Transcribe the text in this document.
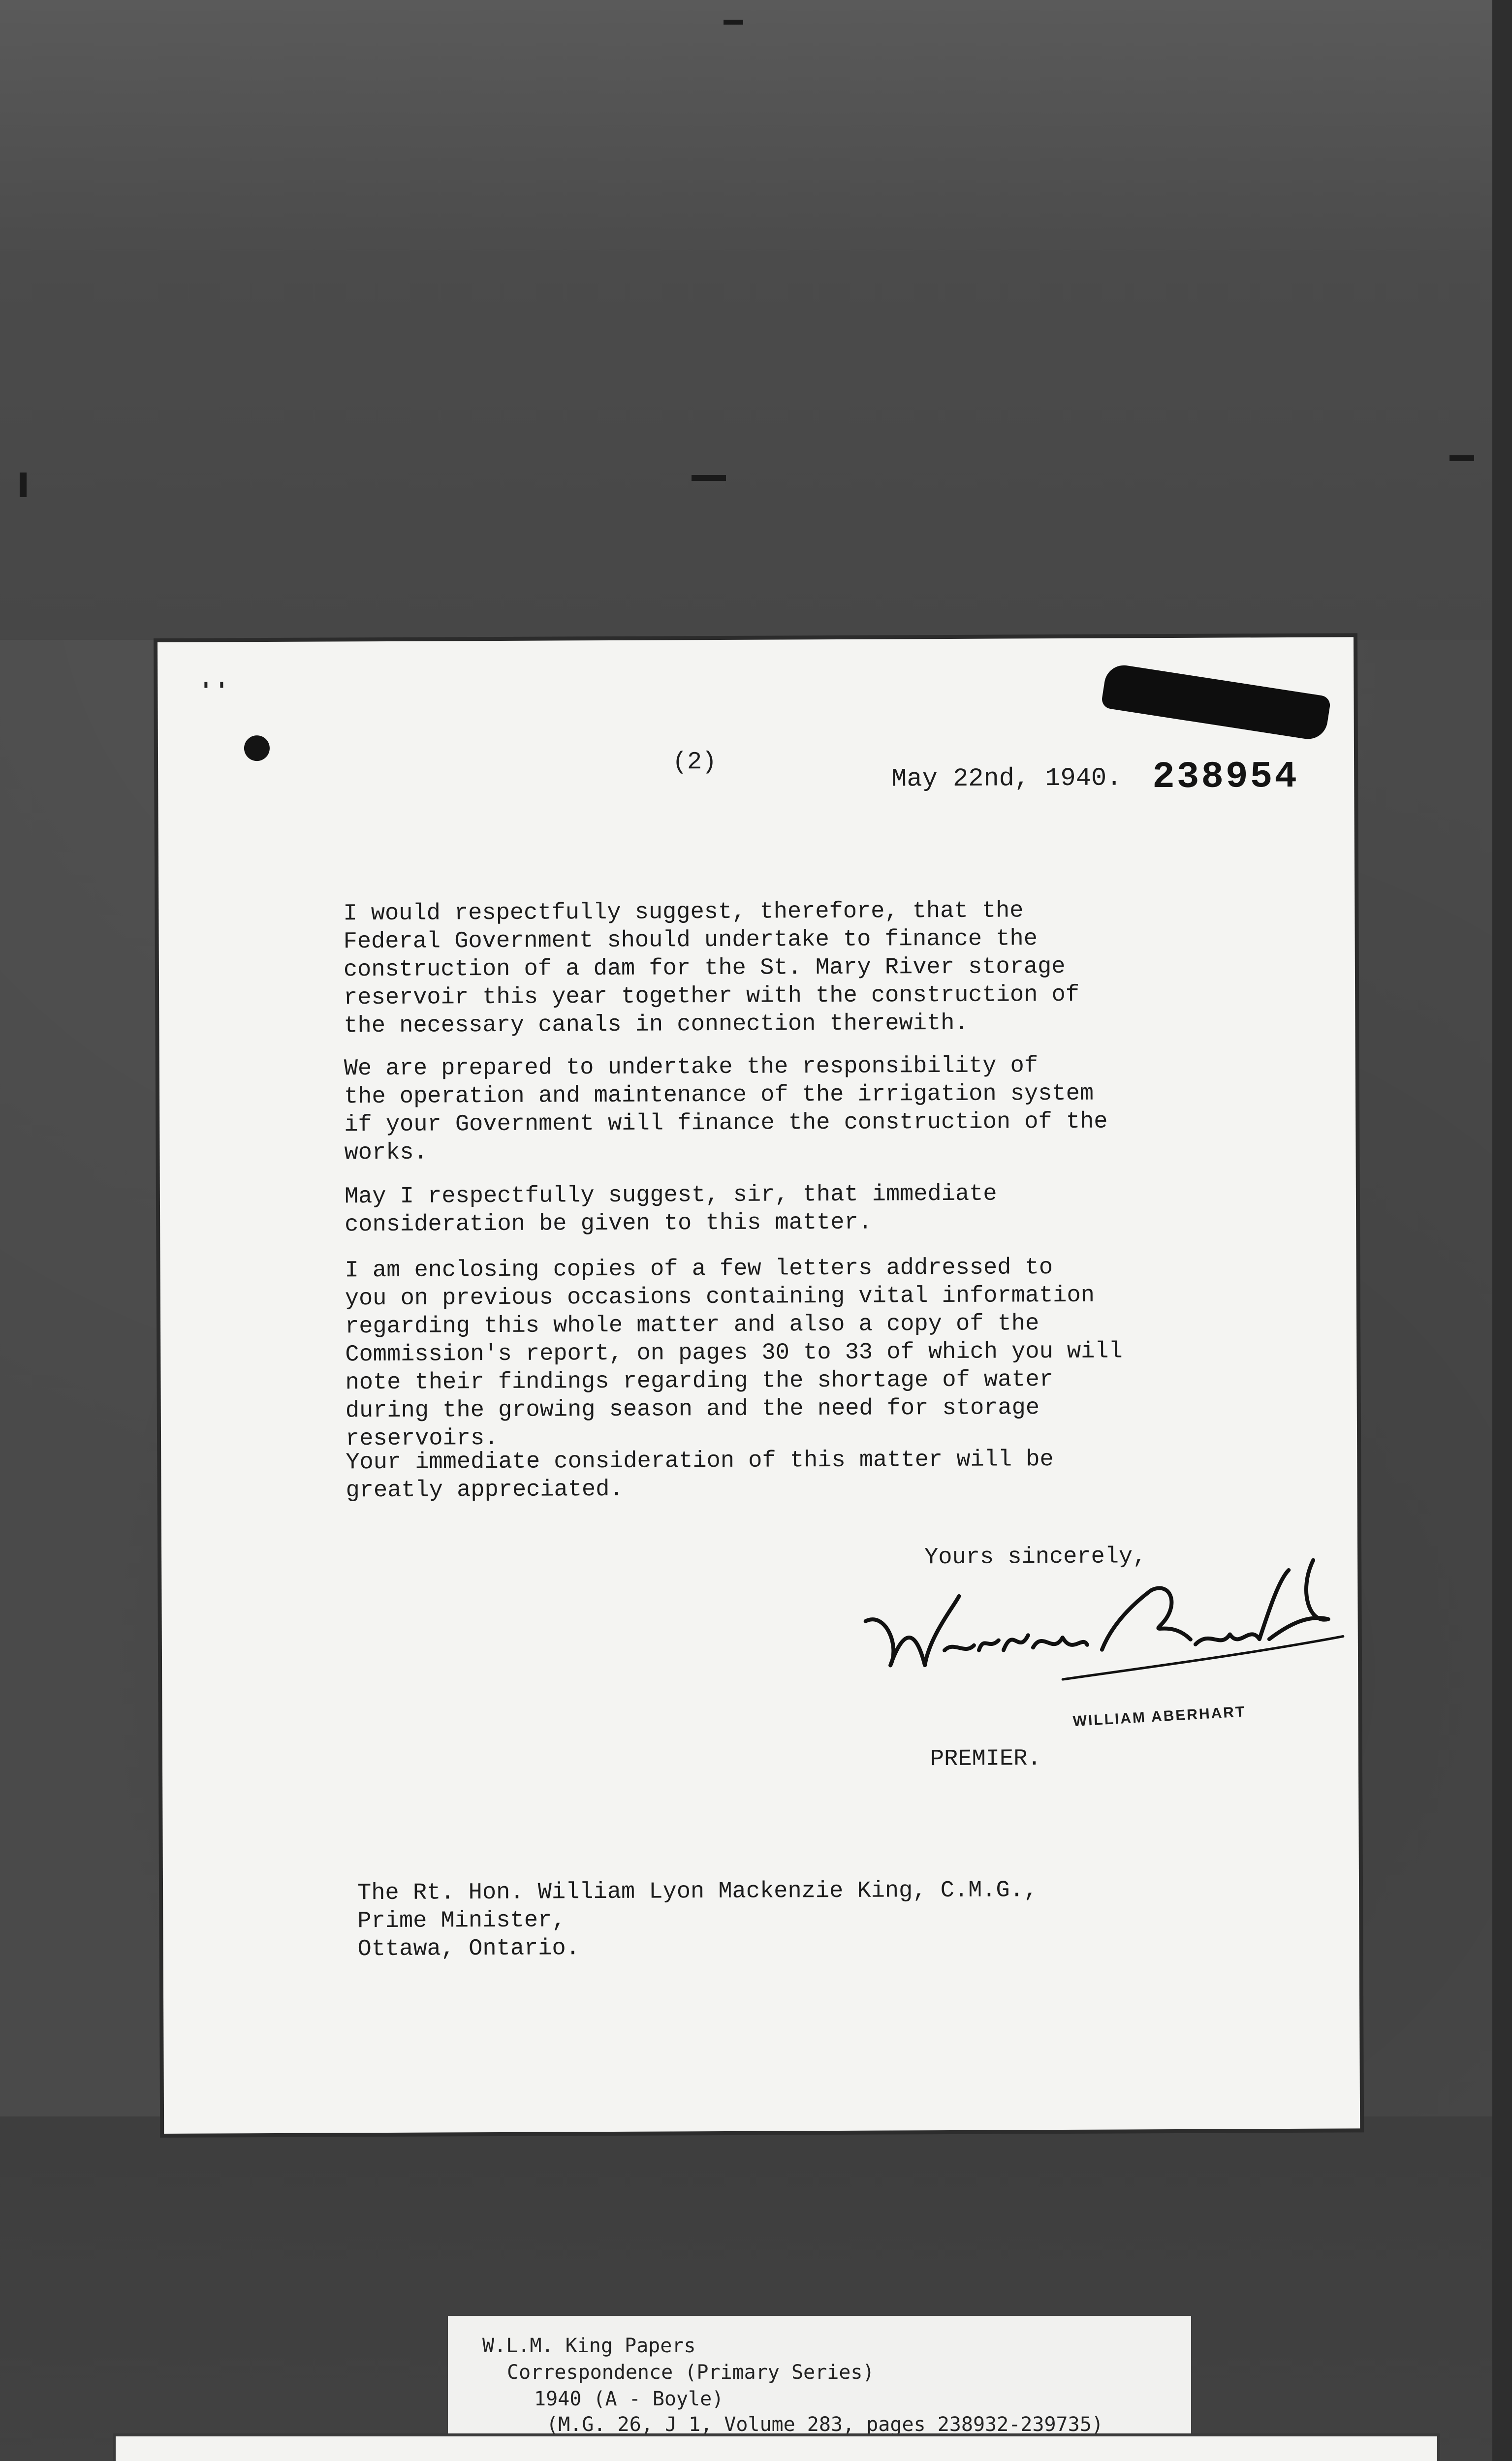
(2)
May 22nd, 1940. 238954

I would respectfully suggest, therefore, that the
Federal Government should undertake to finance the
construction of a dam for the St. Mary River storage
reservoir this year together with the construction of
the necessary canals in connection therewith.

We are prepared to undertake the responsibility of
the operation and maintenance of the irrigation system
if your Government will finance the construction of the
works.

May I respectfully suggest, sir, that immediate
consideration be given to this matter.

I am enclosing copies of a few letters addressed to
you on previous occasions containing vital information
regarding this whole matter and also a copy of the
Commission's report, on pages 30 to 33 of which you will
note their findings regarding the shortage of water
during the growing season and the need for storage
reservoirs.

Your immediate consideration of this matter will be
greatly appreciated.

Yours sincerely,
WILLIAM ABERHART
PREMIER.
The Rt. Hon. William Lyon Mackenzie King, C.M.G.,
Prime Minister,
Ottawa, Ontario.
W.L.M. King Papers
Correspondence (Primary Series)
1940 (A - Boyle)
(M.G. 26, J 1, Volume 283, pages 238932-239735)
